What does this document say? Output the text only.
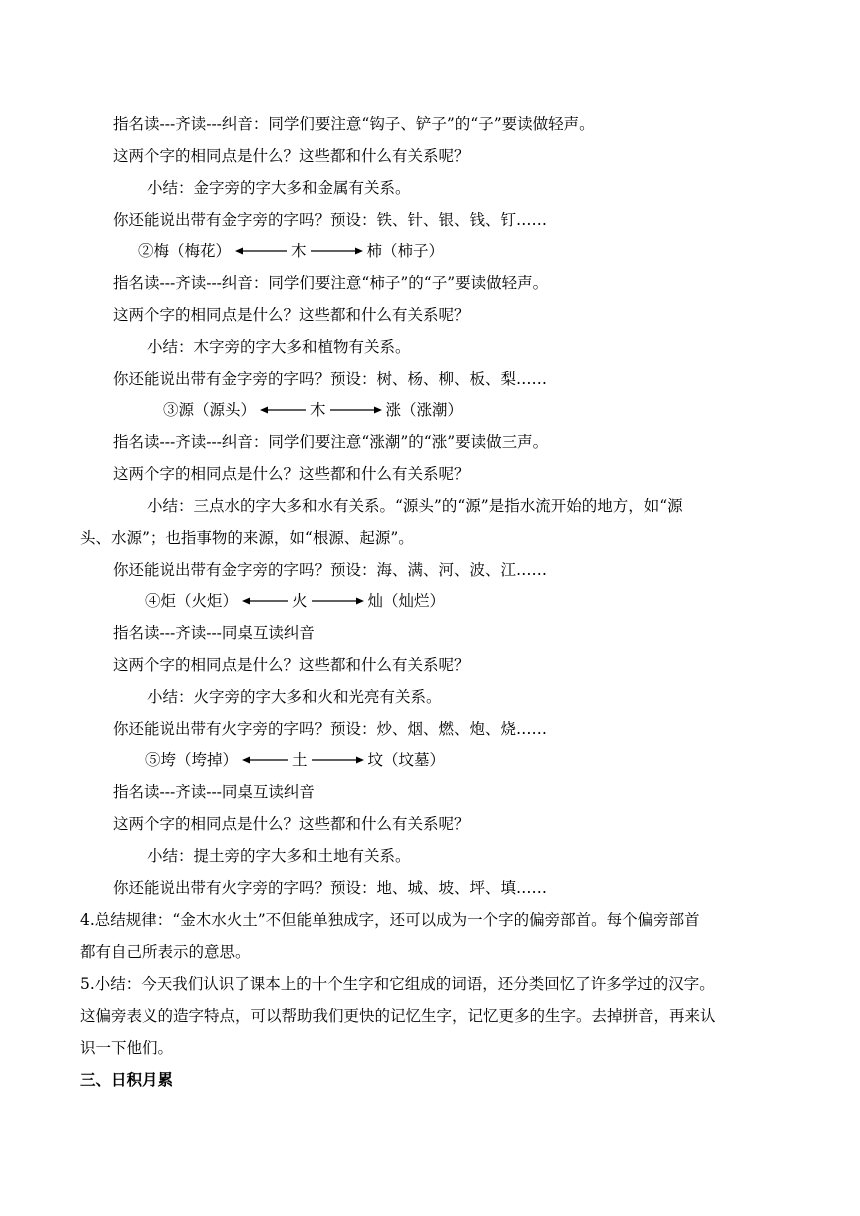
指名读---齐读---纠音：同学们要注意“钩子、铲子”的“子”要读做轻声。
这两个字的相同点是什么？这些都和什么有关系呢？
小结：金字旁的字大多和金属有关系。
你还能说出带有金字旁的字吗？预设：铁、针、银、钱、钉……
②梅（梅花）	木	柿（柿子）
指名读---齐读---纠音：同学们要注意“柿子”的“子”要读做轻声。
这两个字的相同点是什么？这些都和什么有关系呢？
小结：木字旁的字大多和植物有关系。
你还能说出带有金字旁的字吗？预设：树、杨、柳、板、梨……
③源（源头）	木	涨（涨潮）
指名读---齐读---纠音：同学们要注意“涨潮”的“涨”要读做三声。
这两个字的相同点是什么？这些都和什么有关系呢？
小结：三点水的字大多和水有关系。“源头”的“源”是指水流开始的地方，如“源
头、水源”；也指事物的来源，如“根源、起源”。
你还能说出带有金字旁的字吗？预设：海、满、河、波、江……
④炬（火炬）	火	灿（灿烂）
指名读---齐读---同桌互读纠音
这两个字的相同点是什么？这些都和什么有关系呢？
小结：火字旁的字大多和火和光亮有关系。
你还能说出带有火字旁的字吗？预设：炒、烟、燃、炮、烧……
⑤垮（垮掉）	土	坟（坟墓）
指名读---齐读---同桌互读纠音
这两个字的相同点是什么？这些都和什么有关系呢？
小结：提土旁的字大多和土地有关系。
你还能说出带有火字旁的字吗？预设：地、城、坡、坪、填……
4.总结规律：“金木水火土”不但能单独成字，还可以成为一个字的偏旁部首。每个偏旁部首
都有自己所表示的意思。
5.小结：今天我们认识了课本上的十个生字和它组成的词语，还分类回忆了许多学过的汉字。
这偏旁表义的造字特点，可以帮助我们更快的记忆生字，记忆更多的生字。去掉拼音，再来认
识一下他们。
三、日积月累
